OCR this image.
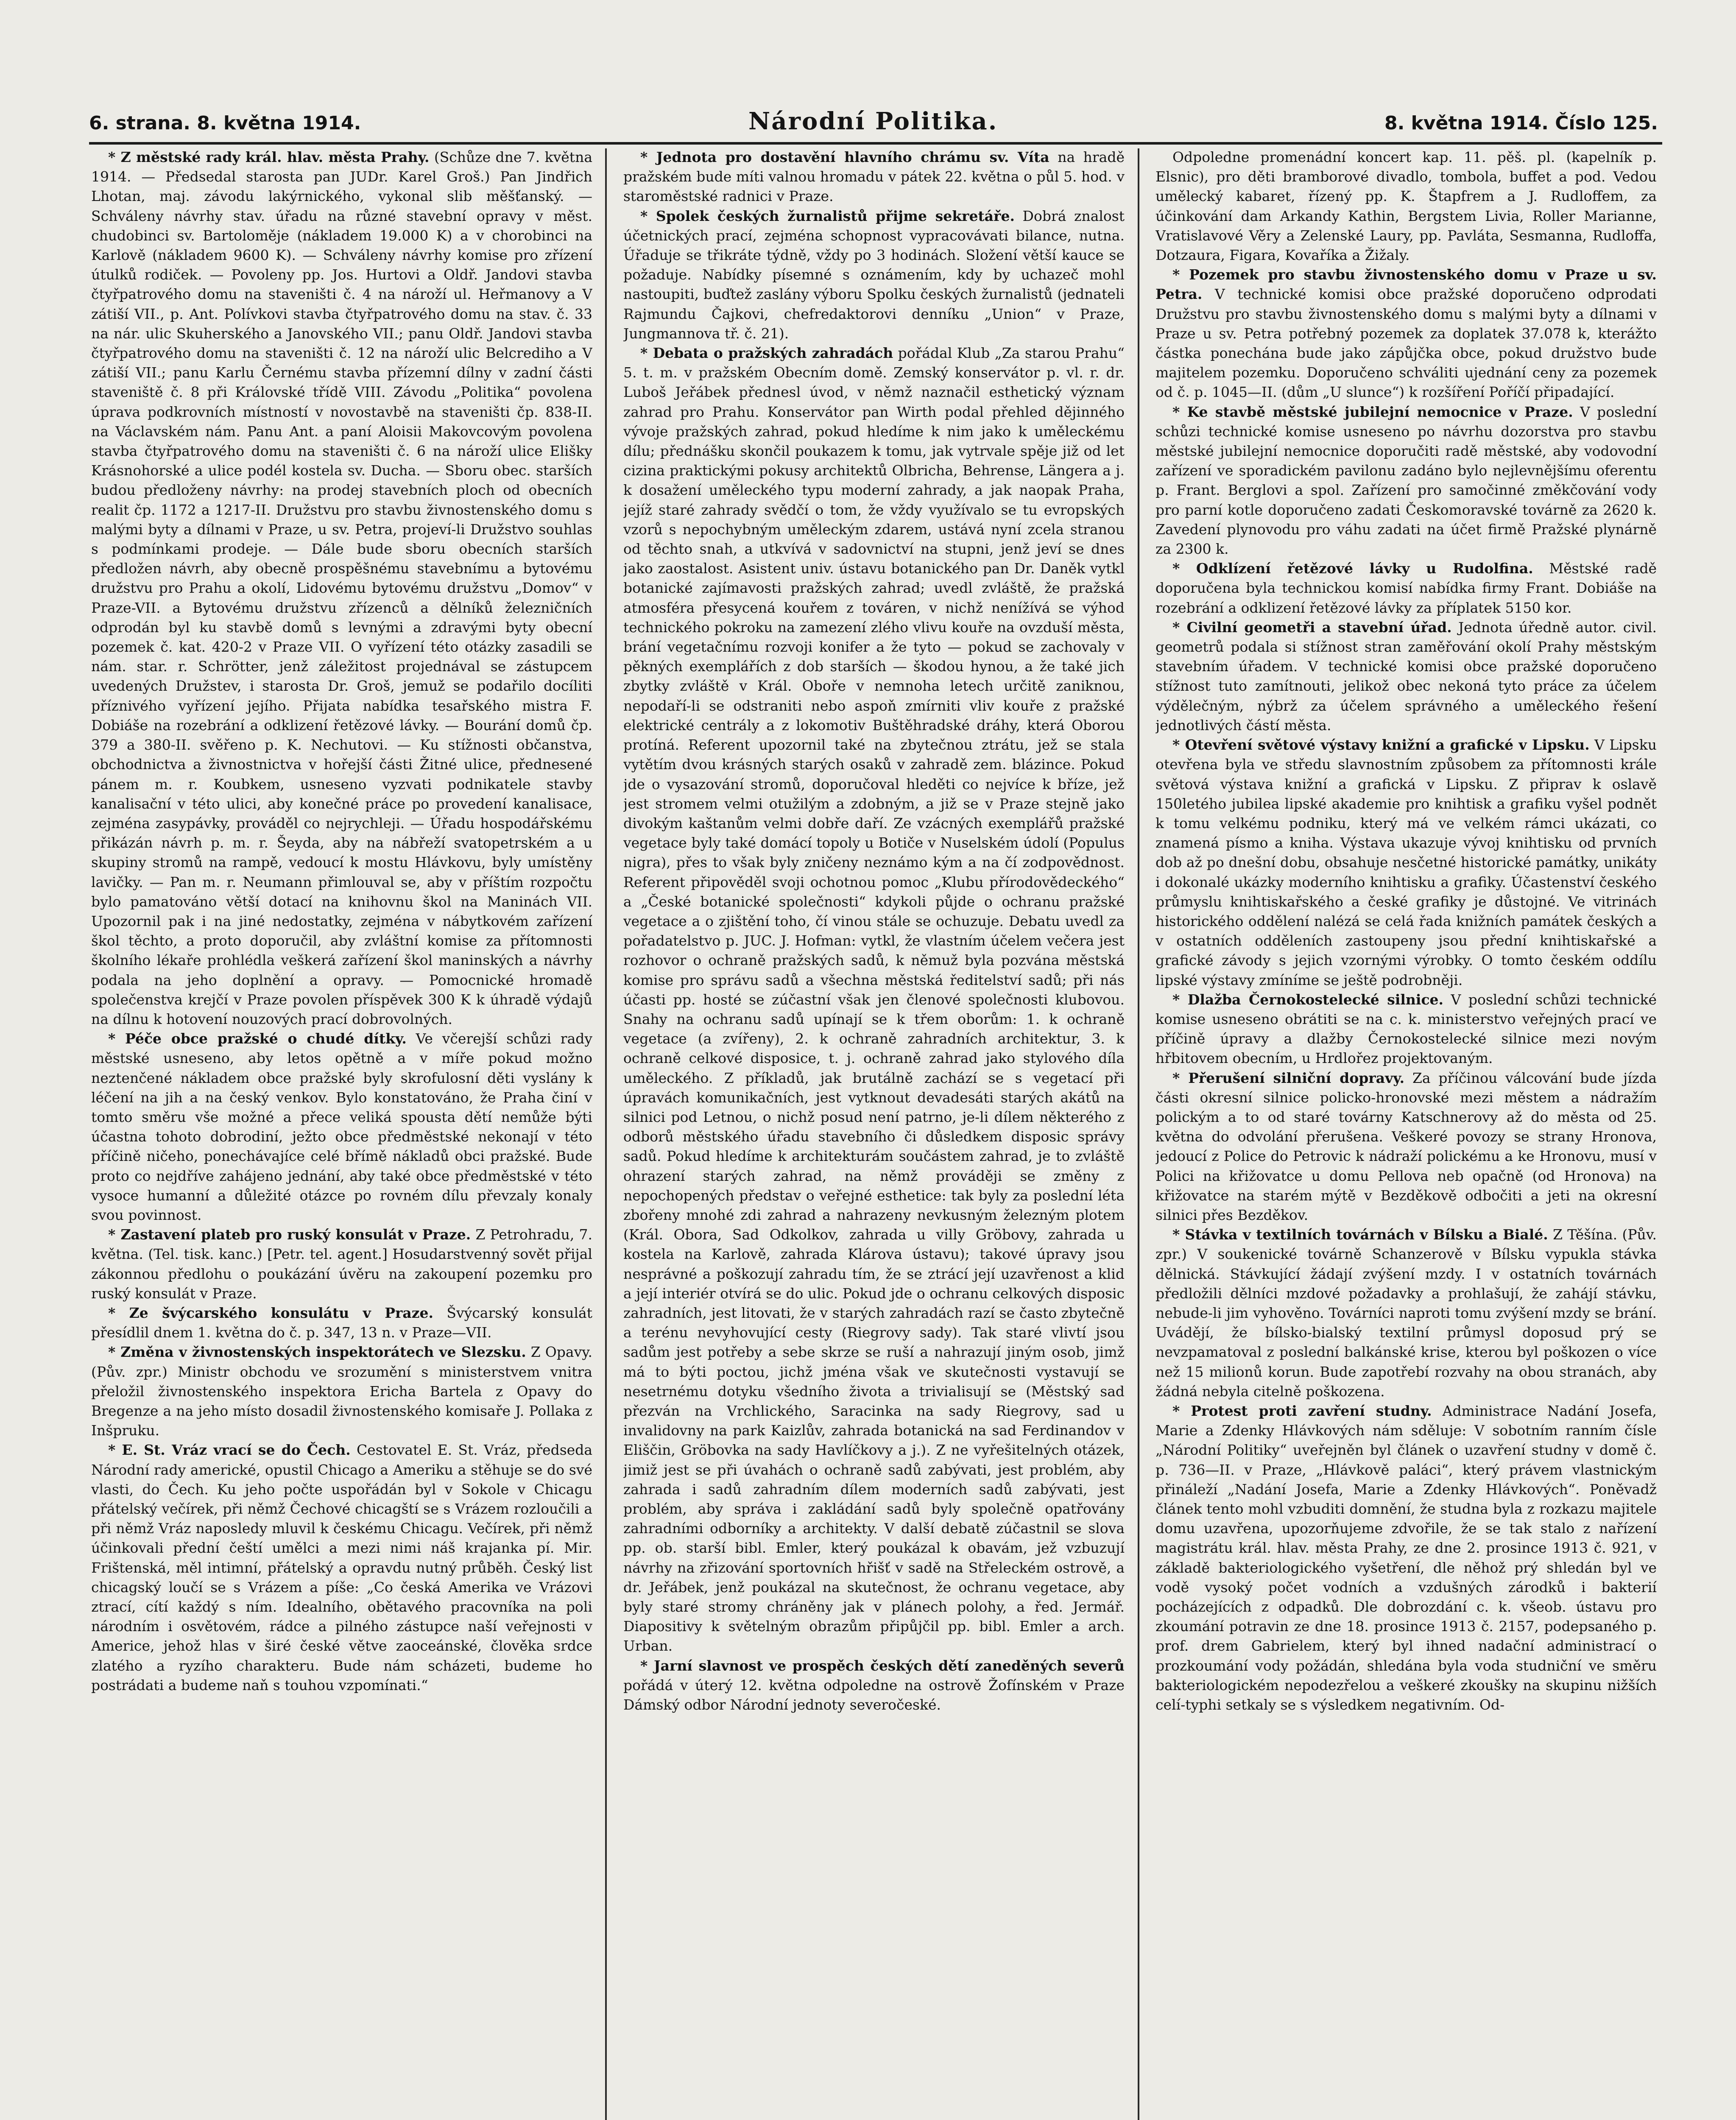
6. strana. 8. května 1914.	Národní Politika.	8. května 1914. Číslo 125.

* Z městské rady král. hlav. města Prahy. (Schůze dne 7. května 1914. — Předsedal starosta pan JUDr. Karel Groš.) Pan Jindřich Lhotan, maj. závodu lakýrnického, vykonal slib měšťanský. — Schváleny návrhy stav. úřadu na různé stavební opravy v měst. chudobinci sv. Bartoloměje (nákladem 19.000 K) a v chorobinci na Karlově (nákladem 9600 K). — Schváleny návrhy komise pro zřízení útulků rodiček. — Povoleny pp. Jos. Hurtovi a Oldř. Jandovi stavba čtyřpatrového domu na staveništi č. 4 na nároží ul. Heřmanovy a V zátiší VII., p. Ant. Polívkovi stavba čtyřpatrového domu na stav. č. 33 na nár. ulic Skuherského a Janovského VII.; panu Oldř. Jandovi stavba čtyřpatrového domu na staveništi č. 12 na nároží ulic Belcrediho a V zátiší VII.; panu Karlu Černému stavba přízemní dílny v zadní části staveniště č. 8 při Královské třídě VIII. Závodu „Politika“ povolena úprava podkrovních místností v novostavbě na staveništi čp. 838-II. na Václavském nám. Panu Ant. a paní Aloisii Makovcovým povolena stavba čtyřpatrového domu na staveništi č. 6 na nároží ulice Elišky Krásnohorské a ulice podél kostela sv. Ducha. — Sboru obec. starších budou předloženy návrhy: na prodej stavebních ploch od obecních realit čp. 1172 a 1217-II. Družstvu pro stavbu živnostenského domu s malými byty a dílnami v Praze, u sv. Petra, projeví-li Družstvo souhlas s podmínkami prodeje. — Dále bude sboru obecních starších předložen návrh, aby obecně prospěšnému stavebnímu a bytovému družstvu pro Prahu a okolí, Lidovému bytovému družstvu „Domov“ v Praze-VII. a Bytovému družstvu zřízenců a dělníků železničních odprodán byl ku stavbě domů s levnými a zdravými byty obecní pozemek č. kat. 420-2 v Praze VII. O vyřízení této otázky zasadili se nám. star. r. Schrötter, jenž záležitost projednával se zástupcem uvedených Družstev, i starosta Dr. Groš, jemuž se podařilo docíliti příznivého vyřízení jejího. Přijata nabídka tesařského mistra F. Dobiáše na rozebrání a odklizení řetězové lávky. — Bourání domů čp. 379 a 380-II. svěřeno p. K. Nechutovi. — Ku stížnosti občanstva, obchodnictva a živnostnictva v hořejší části Žitné ulice, přednesené pánem m. r. Koubkem, usneseno vyzvati podnikatele stavby kanalisační v této ulici, aby konečné práce po provedení kanalisace, zejména zasypávky, prováděl co nejrychleji. — Úřadu hospodářskému přikázán návrh p. m. r. Šeyda, aby na nábřeží svatopetrském a u skupiny stromů na rampě, vedoucí k mostu Hlávkovu, byly umístěny lavičky. — Pan m. r. Neumann přimlouval se, aby v příštím rozpočtu bylo pamatováno větší dotací na knihovnu škol na Maninách VII. Upozornil pak i na jiné nedostatky, zejména v nábytkovém zařízení škol těchto, a proto doporučil, aby zvláštní komise za přítomnosti školního lékaře prohlédla veškerá zařízení škol maninských a návrhy podala na jeho doplnění a opravy. — Pomocnické hromadě společenstva krejčí v Praze povolen příspěvek 300 K k úhradě výdajů na dílnu k hotovení nouzových prací dobrovolných.

* Péče obce pražské o chudé dítky. Ve včerejší schůzi rady městské usneseno, aby letos opětně a v míře pokud možno neztenčené nákladem obce pražské byly skrofulosní děti vyslány k léčení na jih a na český venkov. Bylo konstatováno, že Praha činí v tomto směru vše možné a přece veliká spousta dětí nemůže býti účastna tohoto dobrodiní, ježto obce předměstské nekonají v této příčině ničeho, ponechávajíce celé břímě nákladů obci pražské. Bude proto co nejdříve zahájeno jednání, aby také obce předměstské v této vysoce humanní a důležité otázce po rovném dílu převzaly konaly svou povinnost.

* Zastavení plateb pro ruský konsulát v Praze. Z Petrohradu, 7. května. (Tel. tisk. kanc.) [Petr. tel. agent.] Hosudarstvenný sovět přijal zákonnou předlohu o poukázání úvěru na zakoupení pozemku pro ruský konsulát v Praze.

* Ze švýcarského konsulátu v Praze. Švýcarský konsulát přesídlil dnem 1. května do č. p. 347, 13 n. v Praze—VII.

* Změna v živnostenských inspektorátech ve Slezsku. Z Opavy. (Pův. zpr.) Ministr obchodu ve srozumění s ministerstvem vnitra přeložil živnostenského inspektora Ericha Bartela z Opavy do Bregenze a na jeho místo dosadil živnostenského komisaře J. Pollaka z Inšpruku.

* E. St. Vráz vrací se do Čech. Cestovatel E. St. Vráz, předseda Národní rady americké, opustil Chicago a Ameriku a stěhuje se do své vlasti, do Čech. Ku jeho počte uspořádán byl v Sokole v Chicagu přátelský večírek, při němž Čechové chicagští se s Vrázem rozloučili a při němž Vráz naposledy mluvil k českému Chicagu. Večírek, při němž účinkovali přední čeští umělci a mezi nimi náš krajanka pí. Mir. Frištenská, měl intimní, přátelský a opravdu nutný průběh. Český list chicagský loučí se s Vrázem a píše: „Co česká Amerika ve Vrázovi ztrací, cítí každý s ním. Idealního, obětavého pracovníka na poli národním i osvětovém, rádce a pilného zástupce naší veřejnosti v Americe, jehož hlas v širé české větve zaoceánské, člověka srdce zlatého a ryzího charakteru. Bude nám scházeti, budeme ho postrádati a budeme naň s touhou vzpomínati.“

* Jednota pro dostavění hlavního chrámu sv. Víta na hradě pražském bude míti valnou hromadu v pátek 22. května o půl 5. hod. v staroměstské radnici v Praze.

* Spolek českých žurnalistů přijme sekretáře. Dobrá znalost účetnických prací, zejména schopnost vypracovávati bilance, nutna. Úřaduje se třikráte týdně, vždy po 3 hodinách. Složení větší kauce se požaduje. Nabídky písemné s oznámením, kdy by uchazeč mohl nastoupiti, buďtež zaslány výboru Spolku českých žurnalistů (jednateli Rajmundu Čajkovi, chefredaktorovi denníku „Union“ v Praze, Jungmannova tř. č. 21).

* Debata o pražských zahradách pořádal Klub „Za starou Prahu“ 5. t. m. v pražském Obecním domě. Zemský konservátor p. vl. r. dr. Luboš Jeřábek přednesl úvod, v němž naznačil esthetický význam zahrad pro Prahu. Konservátor pan Wirth podal přehled dějinného vývoje pražských zahrad, pokud hledíme k nim jako k uměleckému dílu; přednášku skončil poukazem k tomu, jak vytrvale spěje již od let cizina praktickými pokusy architektů Olbricha, Behrense, Längera a j. k dosažení uměleckého typu moderní zahrady, a jak naopak Praha, jejíž staré zahrady svědčí o tom, že vždy využívalo se tu evropských vzorů s nepochybným uměleckým zdarem, ustává nyní zcela stranou od těchto snah, a utkvívá v sadovnictví na stupni, jenž jeví se dnes jako zaostalost. Asistent univ. ústavu botanického pan Dr. Daněk vytkl botanické zajímavosti pražských zahrad; uvedl zvláště, že pražská atmosféra přesycená kouřem z továren, v nichž nenížívá se výhod technického pokroku na zamezení zlého vlivu kouře na ovzduší města, brání vegetačnímu rozvoji konifer a že tyto — pokud se zachovaly v pěkných exemplářích z dob starších — škodou hynou, a že také jich zbytky zvláště v Král. Oboře v nemnoha letech určitě zaniknou, nepodaří-li se odstraniti nebo aspoň zmírniti vliv kouře z pražské elektrické centrály a z lokomotiv Buštěhradské dráhy, která Oborou protíná. Referent upozornil také na zbytečnou ztrátu, jež se stala vytětím dvou krásných starých osaků v zahradě zem. blázince. Pokud jde o vysazování stromů, doporučoval hleděti co nejvíce k bříze, jež jest stromem velmi otužilým a zdobným, a již se v Praze stejně jako divokým kaštanům velmi dobře daří. Ze vzácných exemplářů pražské vegetace byly také domácí topoly u Botiče v Nuselském údolí (Populus nigra), přes to však byly zničeny neznámo kým a na čí zodpovědnost. Referent připověděl svoji ochotnou pomoc „Klubu přírodovědeckého“ a „České botanické společnosti“ kdykoli půjde o ochranu pražské vegetace a o zjištění toho, čí vinou stále se ochuzuje. Debatu uvedl za pořadatelstvo p. JUC. J. Hofman: vytkl, že vlastním účelem večera jest rozhovor o ochraně pražských sadů, k němuž byla pozvána městská komise pro správu sadů a všechna městská ředitelství sadů; při nás účasti pp. hosté se zúčastní však jen členové společnosti klubovou. Snahy na ochranu sadů upínají se k třem oborům: 1. k ochraně vegetace (a zvířeny), 2. k ochraně zahradních architektur, 3. k ochraně celkové disposice, t. j. ochraně zahrad jako stylového díla uměleckého. Z příkladů, jak brutálně zachází se s vegetací při úpravách komunikačních, jest vytknout devadesáti starých akátů na silnici pod Letnou, o nichž posud není patrno, je-li dílem některého z odborů městského úřadu stavebního či důsledkem disposic správy sadů. Pokud hledíme k architekturám součástem zahrad, je to zvláště ohrazení starých zahrad, na němž prováději se změny z nepochopených představ o veřejné esthetice: tak byly za poslední léta zbořeny mnohé zdi zahrad a nahrazeny nevkusným železným plotem (Král. Obora, Sad Odkolkov, zahrada u villy Gröbovy, zahrada u kostela na Karlově, zahrada Klárova ústavu); takové úpravy jsou nesprávné a poškozují zahradu tím, že se ztrácí její uzavřenost a klid a její interiér otvírá se do ulic. Pokud jde o ochranu celkových disposic zahradních, jest litovati, že v starých zahradách razí se často zbytečně a terénu nevyhovující cesty (Riegrovy sady). Tak staré vlivtí jsou sadům jest potřeby a sebe skrze se ruší a nahrazují jiným osob, jimž má to býti poctou, jichž jména však ve skutečnosti vystavují se nesetrnému dotyku všedního života a trivialisují se (Městský sad přezván na Vrchlického, Saracinka na sady Riegrovy, sad u invalidovny na park Kaizlův, zahrada botanická na sad Ferdinandov v Eliščin, Gröbovka na sady Havlíčkovy a j.). Z ne vyřešitelných otázek, jimiž jest se při úvahách o ochraně sadů zabývati, jest problém, aby zahrada i sadů zahradním dílem moderních sadů zabývati, jest problém, aby správa i zakládání sadů byly společně opatřovány zahradními odborníky a architekty. V další debatě zúčastnil se slova pp. ob. starší bibl. Emler, který poukázal k obavám, jež vzbuzují návrhy na zřizování sportovních hřišť v sadě na Střeleckém ostrově, a dr. Jeřábek, jenž poukázal na skutečnost, že ochranu vegetace, aby byly staré stromy chráněny jak v plánech polohy, a řed. Jermář. Diapositivy k světelným obrazům připůjčil pp. bibl. Emler a arch. Urban.

* Jarní slavnost ve prospěch českých dětí zaneděných severů pořádá v úterý 12. května odpoledne na ostrově Žofínském v Praze Dámský odbor Národní jednoty severočeské.

Odpoledne promenádní koncert kap. 11. pěš. pl. (kapelník p. Elsnic), pro děti bramborové divadlo, tombola, buffet a pod. Vedou umělecký kabaret, řízený pp. K. Štapfrem a J. Rudloffem, za účinkování dam Arkandy Kathin, Bergstem Livia, Roller Marianne, Vratislavové Věry a Zelenské Laury, pp. Pavláta, Sesmanna, Rudloffa, Dotzaura, Figara, Kovaříka a Žižaly.

* Pozemek pro stavbu živnostenského domu v Praze u sv. Petra. V technické komisi obce pražské doporučeno odprodati Družstvu pro stavbu živnostenského domu s malými byty a dílnami v Praze u sv. Petra potřebný pozemek za doplatek 37.078 k, kterážto částka ponechána bude jako zápůjčka obce, pokud družstvo bude majitelem pozemku. Doporučeno schváliti ujednání ceny za pozemek od č. p. 1045—II. (dům „U slunce“) k rozšíření Poříčí připadající.

* Ke stavbě městské jubilejní nemocnice v Praze. V poslední schůzi technické komise usneseno po návrhu dozorstva pro stavbu městské jubilejní nemocnice doporučiti radě městské, aby vodovodní zařízení ve sporadickém pavilonu zadáno bylo nejlevnějšímu oferentu p. Frant. Berglovi a spol. Zařízení pro samočinné změkčování vody pro parní kotle doporučeno zadati Českomoravské továrně za 2620 k. Zavedení plynovodu pro váhu zadati na účet firmě Pražské plynárně za 2300 k.

* Odklízení řetězové lávky u Rudolfina. Městské radě doporučena byla technickou komisí nabídka firmy Frant. Dobiáše na rozebrání a odklizení řetězové lávky za příplatek 5150 kor.

* Civilní geometři a stavební úřad. Jednota úředně autor. civil. geometrů podala si stížnost stran zaměřování okolí Prahy městským stavebním úřadem. V technické komisi obce pražské doporučeno stížnost tuto zamítnouti, jelikož obec nekoná tyto práce za účelem výdělečným, nýbrž za účelem správného a uměleckého řešení jednotlivých částí města.

* Otevření světové výstavy knižní a grafické v Lipsku. V Lipsku otevřena byla ve středu slavnostním způsobem za přítomnosti krále světová výstava knižní a grafická v Lipsku. Z připrav k oslavě 150letého jubilea lipské akademie pro knihtisk a grafiku vyšel podnět k tomu velkému podniku, který má ve velkém rámci ukázati, co znamená písmo a kniha. Výstava ukazuje vývoj knihtisku od prvních dob až po dnešní dobu, obsahuje nesčetné historické památky, unikáty i dokonalé ukázky moderního knihtisku a grafiky. Účastenství českého průmyslu knihtiskařského a české grafiky je důstojné. Ve vitrinách historického oddělení nalézá se celá řada knižních památek českých a v ostatních odděleních zastoupeny jsou přední knihtiskařské a grafické závody s jejich vzornými výrobky. O tomto českém oddílu lipské výstavy zmíníme se ještě podrobněji.

* Dlažba Černokostelecké silnice. V poslední schůzi technické komise usneseno obrátiti se na c. k. ministerstvo veřejných prací ve příčině úpravy a dlažby Černokostelecké silnice mezi novým hřbitovem obecním, u Hrdlořez projektovaným.

* Přerušení silniční dopravy. Za příčinou válcování bude jízda části okresní silnice policko-hronovské mezi městem a nádražím polickým a to od staré továrny Katschnerovy až do města od 25. května do odvolání přerušena. Veškeré povozy se strany Hronova, jedoucí z Police do Petrovic k nádraží polickému a ke Hronovu, musí v Polici na křižovatce u domu Pellova neb opačně (od Hronova) na křižovatce na starém mýtě v Bezděkově odbočiti a jeti na okresní silnici přes Bezděkov.

* Stávka v textilních továrnách v Bílsku a Bialé. Z Těšína. (Pův. zpr.) V soukenické továrně Schanzerově v Bílsku vypukla stávka dělnická. Stávkující žádají zvýšení mzdy. I v ostatních továrnách předložili dělníci mzdové požadavky a prohlašují, že zahájí stávku, nebude-li jim vyhověno. Továrníci naproti tomu zvýšení mzdy se brání. Uvádějí, že bílsko-bialský textilní průmysl doposud prý se nevzpamatoval z poslední balkánské krise, kterou byl poškozen o více než 15 milionů korun. Bude zapotřebí rozvahy na obou stranách, aby žádná nebyla citelně poškozena.

* Protest proti zavření studny. Administrace Nadání Josefa, Marie a Zdenky Hlávkových nám sděluje: V sobotním ranním čísle „Národní Politiky“ uveřejněn byl článek o uzavření studny v domě č. p. 736—II. v Praze, „Hlávkově paláci“, který právem vlastnickým přináleží „Nadání Josefa, Marie a Zdenky Hlávkových“. Poněvadž článek tento mohl vzbuditi domnění, že studna byla z rozkazu majitele domu uzavřena, upozorňujeme zdvořile, že se tak stalo z nařízení magistrátu král. hlav. města Prahy, ze dne 2. prosince 1913 č. 921, v základě bakteriologického vyšetření, dle něhož prý shledán byl ve vodě vysoký počet vodních a vzdušných zárodků i bakterií pocházejících z odpadků. Dle dobrozdání c. k. všeob. ústavu pro zkoumání potravin ze dne 18. prosince 1913 č. 2157, podepsaného p. prof. drem Gabrielem, který byl ihned nadační administrací o prozkoumání vody požádán, shledána byla voda studniční ve směru bakteriologickém nepodezřelou a veškeré zkoušky na skupinu nižších celí-typhi setkaly se s výsledkem negativním. Od-
